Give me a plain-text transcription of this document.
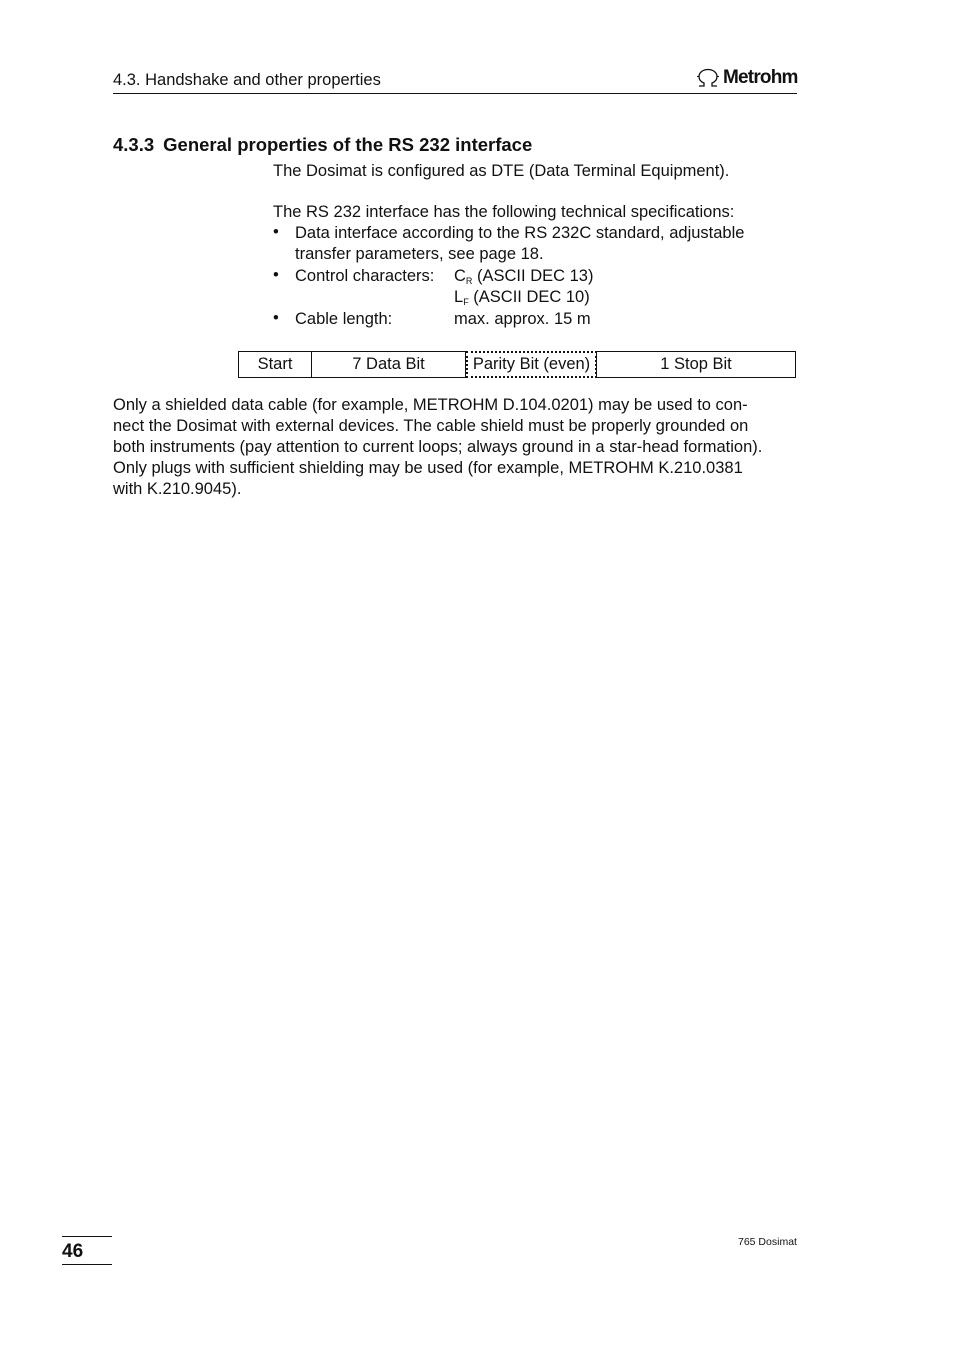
4.3. Handshake and other properties	Metrohm
4.3.3 General properties of the RS 232 interface
The Dosimat is configured as DTE (Data Terminal Equipment).
The RS 232 interface has the following technical specifications:
• Data interface according to the RS 232C standard, adjustable
transfer parameters, see page 18.
• Control characters: $C_R$ (ASCII DEC 13)
$L_F$ (ASCII DEC 10)
• Cable length:	max. approx. 15 m
Start	7 Data Bit	Parity Bit (even)	1 Stop Bit
Only a shielded data cable (for example, METROHM D.104.0201) may be used to con-
nect the Dosimat with external devices. The cable shield must be properly grounded on
both instruments (pay attention to current loops; always ground in a star-head formation).
Only plugs with sufficient shielding may be used (for example, METROHM K.210.0381
with K.210.9045).
46	765 Dosimat
